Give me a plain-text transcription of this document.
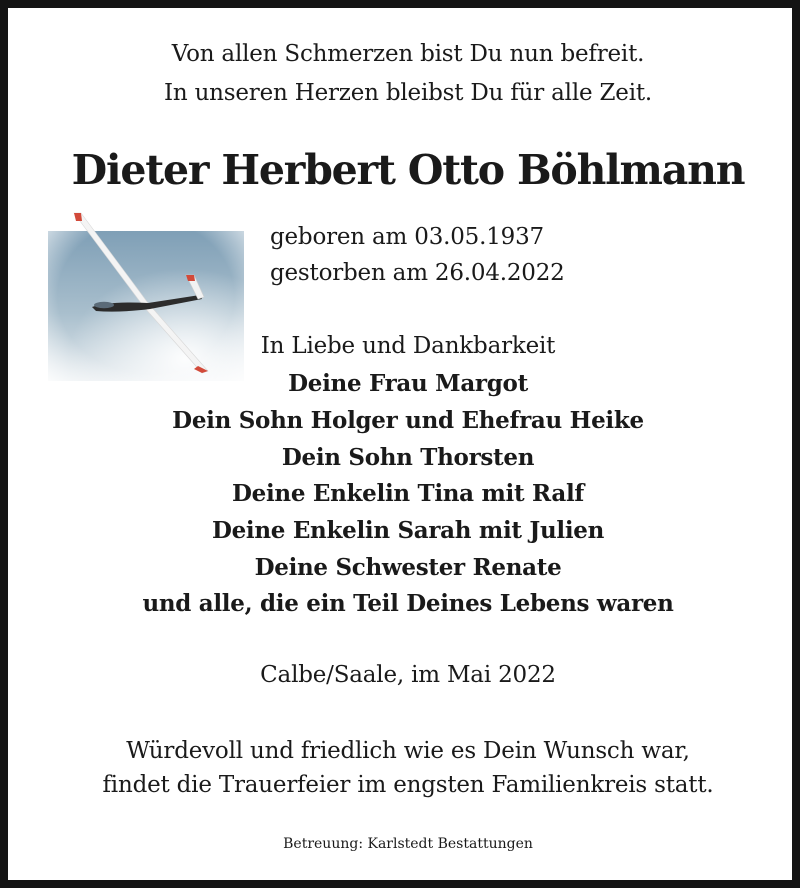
Von allen Schmerzen bist Du nun befreit.
In unseren Herzen bleibst Du für alle Zeit.
Dieter Herbert Otto Böhlmann
geboren am 03.05.1937
gestorben am 26.04.2022
In Liebe und Dankbarkeit
Deine Frau Margot
Dein Sohn Holger und Ehefrau Heike
Dein Sohn Thorsten
Deine Enkelin Tina mit Ralf
Deine Enkelin Sarah mit Julien
Deine Schwester Renate
und alle, die ein Teil Deines Lebens waren
Calbe/Saale, im Mai 2022
Würdevoll und friedlich wie es Dein Wunsch war,
findet die Trauerfeier im engsten Familienkreis statt.
Betreuung: Karlstedt Bestattungen
